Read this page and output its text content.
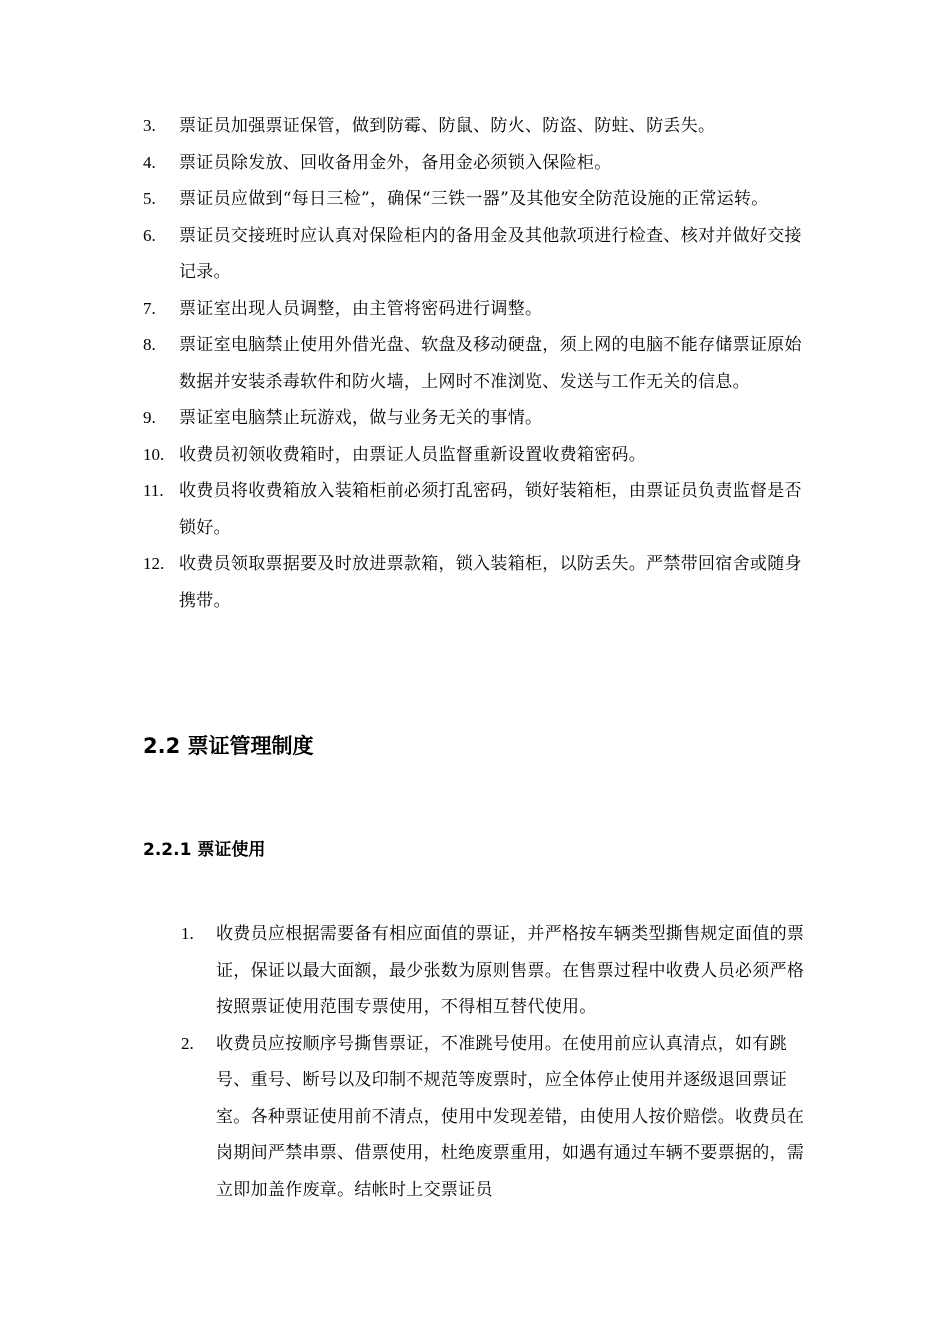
3.	票证员加强票证保管，做到防霉、防鼠、防火、防盗、防蛀、防丢失。
4.	票证员除发放、回收备用金外，备用金必须锁入保险柜。
5.	票证员应做到“每日三检”，确保“三铁一器”及其他安全防范设施的正常运转。
6.	票证员交接班时应认真对保险柜内的备用金及其他款项进行检查、核对并做好交接记录。
7.	票证室出现人员调整，由主管将密码进行调整。
8.	票证室电脑禁止使用外借光盘、软盘及移动硬盘，须上网的电脑不能存储票证原始数据并安装杀毒软件和防火墙，上网时不准浏览、发送与工作无关的信息。
9.	票证室电脑禁止玩游戏，做与业务无关的事情。
10. 收费员初领收费箱时，由票证人员监督重新设置收费箱密码。
11. 收费员将收费箱放入装箱柜前必须打乱密码，锁好装箱柜，由票证员负责监督是否锁好。
12. 收费员领取票据要及时放进票款箱，锁入装箱柜，以防丢失。严禁带回宿舍或随身携带。
2.2 票证管理制度
2.2.1 票证使用
1.	收费员应根据需要备有相应面值的票证，并严格按车辆类型撕售规定面值的票证，保证以最大面额，最少张数为原则售票。在售票过程中收费人员必须严格按照票证使用范围专票使用，不得相互替代使用。
2.	收费员应按顺序号撕售票证，不准跳号使用。在使用前应认真清点，如有跳号、重号、断号以及印制不规范等废票时，应全体停止使用并逐级退回票证室。各种票证使用前不清点，使用中发现差错，由使用人按价赔偿。收费员在岗期间严禁串票、借票使用，杜绝废票重用，如遇有通过车辆不要票据的，需立即加盖作废章。结帐时上交票证员
